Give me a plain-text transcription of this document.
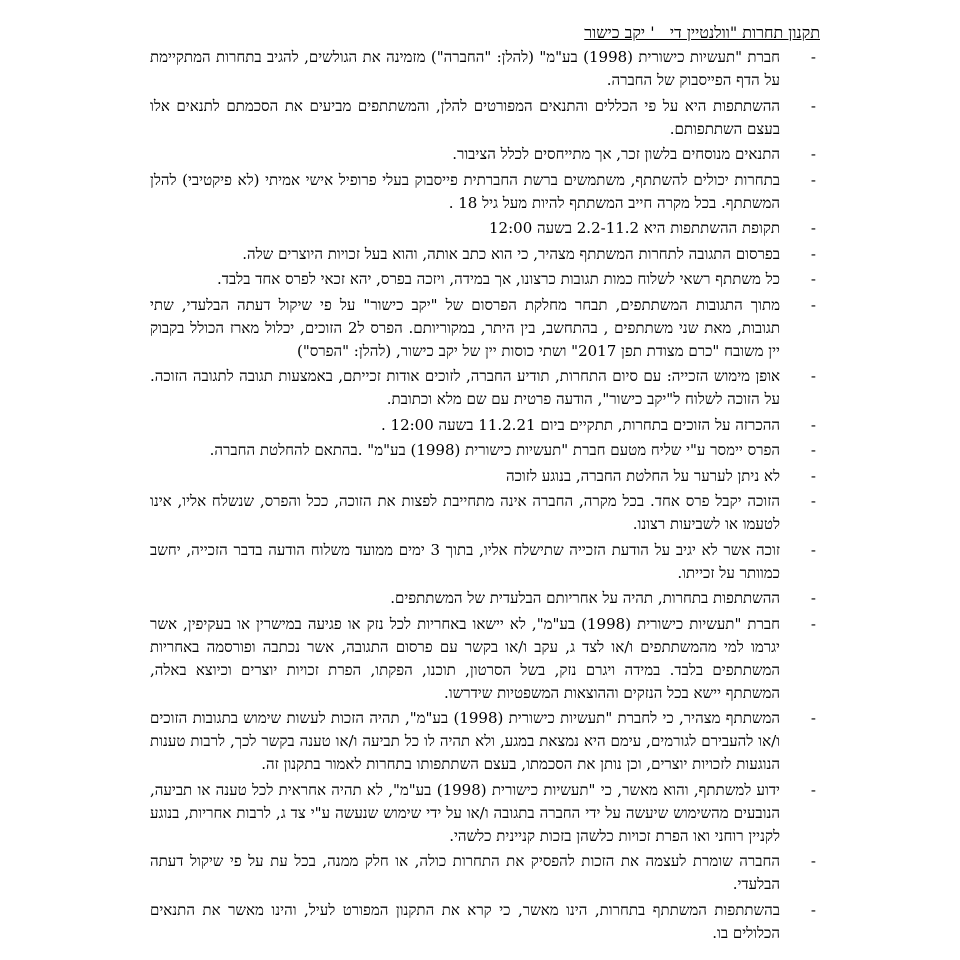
תקנון תחרות "וולנטיין די   ' יקב כישור
-
חברת "תעשיות כישורית (1998) בע"מ" (להלן: "החברה") מזמינה את הגולשים, להגיב בתחרות המתקיימת על הדף הפייסבוק של החברה.
-
ההשתתפות היא על פי הכללים והתנאים המפורטים להלן, והמשתתפים מביעים את הסכמתם לתנאים אלו בעצם השתתפותם.
-
התנאים מנוסחים בלשון זכר, אך מתייחסים לכלל הציבור.
-
בתחרות יכולים להשתתף, משתמשים ברשת החברתית פייסבוק בעלי פרופיל אישי אמיתי (לא פיקטיבי) להלן המשתתף. בכל מקרה חייב המשתתף להיות מעל גיל 18 .
-
תקופת ההשתתפות היא 2.2-11.2 בשעה 12:00
-
בפרסום התגובה לתחרות המשתתף מצהיר, כי הוא כתב אותה, והוא בעל זכויות היוצרים שלה.
-
כל משתתף רשאי לשלוח כמות תגובות כרצונו, אך במידה, ויזכה בפרס, יהא זכאי לפרס אחד בלבד.
-
מתוך התגובות המשתתפים, תבחר מחלקת הפרסום של "יקב כישור" על פי שיקול דעתה הבלעדי, שתי תגובות, מאת שני משתתפים , בהתחשב, בין היתר, במקוריותם. הפרס ל2 הזוכים, יכלול מארז הכולל בקבוק יין משובח "כרם מצודת תפן 2017" ושתי כוסות יין של יקב כישור, (להלן: "הפרס")
-
אופן מימוש הזכייה: עם סיום התחרות, תודיע החברה, לזוכים אודות זכייתם, באמצעות תגובה לתגובה הזוכה. על הזוכה לשלוח ל"יקב כישור", הודעה פרטית עם שם מלא וכתובת.
-
ההכרזה על הזוכים בתחרות, תתקיים ביום 11.2.21 בשעה 12:00 .
-
הפרס יימסר ע"י שליח מטעם חברת "תעשיות כישורית (1998) בע"מ" .בהתאם להחלטת החברה.
-
לא ניתן לערער על החלטת החברה, בנוגע לזוכה
-
הזוכה יקבל פרס אחד. בכל מקרה, החברה אינה מתחייבת לפצות את הזוכה, ככל והפרס, שנשלח אליו, אינו לטעמו או לשביעות רצונו.
-
זוכה אשר לא יגיב על הודעת הזכייה שתישלח אליו, בתוך 3 ימים ממועד משלוח הודעה בדבר הזכייה, יחשב כמוותר על זכייתו.
-
ההשתתפות בתחרות, תהיה על אחריותם הבלעדית של המשתתפים.
-
חברת "תעשיות כישורית (1998) בע"מ", לא יישאו באחריות לכל נזק או פגיעה במישרין או בעקיפין, אשר יגרמו למי מהמשתתפים ו/או לצד ג, עקב ו/או בקשר עם פרסום התגובה, אשר נכתבה ופורסמה באחריות המשתתפים בלבד. במידה ויגרם נזק, בשל הסרטון, תוכנו, הפקתו, הפרת זכויות יוצרים וכיוצא באלה, המשתתף יישא בכל הנזקים וההוצאות המשפטיות שידרשו.
-
המשתתף מצהיר, כי לחברת "תעשיות כישורית (1998) בע"מ", תהיה הזכות לעשות שימוש בתגובות הזוכים ו/או להעבירם לגורמים, עימם היא נמצאת במגע, ולא תהיה לו כל תביעה ו/או טענה בקשר לכך, לרבות טענות הנוגעות לזכויות יוצרים, וכן נותן את הסכמתו, בעצם השתתפותו בתחרות לאמור בתקנון זה.
-
ידוע למשתתף, והוא מאשר, כי "תעשיות כישורית (1998) בע"מ", לא תהיה אחראית לכל טענה או תביעה, הנובעים מהשימוש שיעשה על ידי החברה בתגובה ו/או על ידי שימוש שנעשה ע"י צד ג, לרבות אחריות, בנוגע לקניין רוחני ואו הפרת זכויות כלשהן בזכות קניינית כלשהי.
-
החברה שומרת לעצמה את הזכות להפסיק את התחרות כולה, או חלק ממנה, בכל עת על פי שיקול דעתה הבלעדי.
-
בהשתתפות המשתתף בתחרות, הינו מאשר, כי קרא את התקנון המפורט לעיל, והינו מאשר את התנאים הכלולים בו.
